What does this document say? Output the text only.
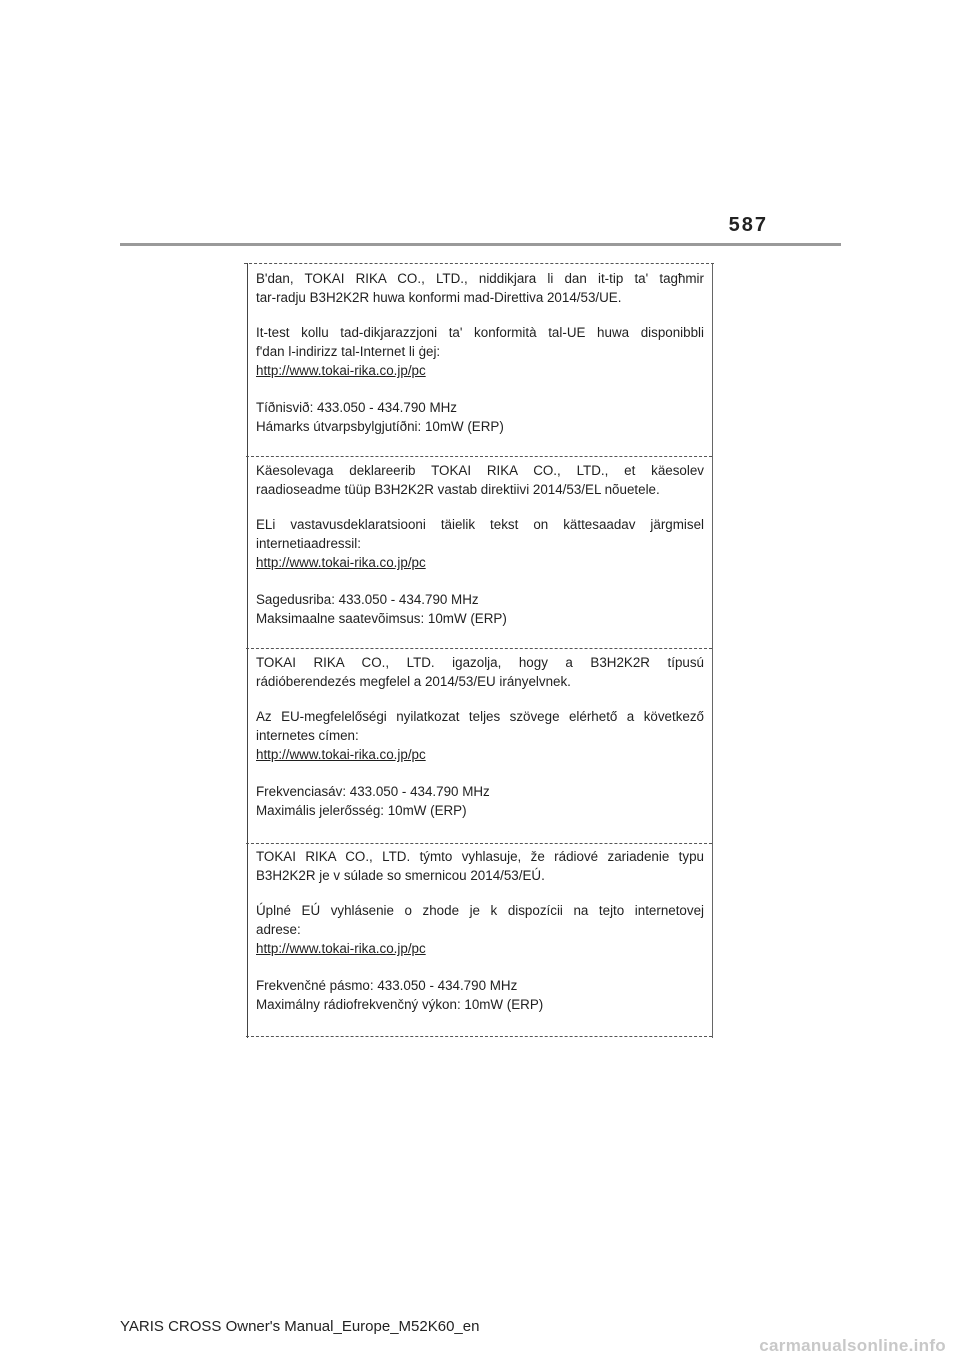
587

B'dan, TOKAI RIKA CO., LTD., niddikjara li dan it-tip ta' tagħmir

tar-radju B3H2K2R huwa konformi mad-Direttiva 2014/53/UE.

It-test kollu tad-dikjarazzjoni ta' konformità tal-UE huwa disponibbli

f'dan l-indirizz tal-Internet li ġej:

http://www.tokai-rika.co.jp/pc

Tíðnisvið: 433.050 - 434.790 MHz

Hámarks útvarpsbylgjutíðni: 10mW (ERP)

Käesolevaga deklareerib TOKAI RIKA CO., LTD., et käesolev

raadioseadme tüüp B3H2K2R vastab direktiivi 2014/53/EL nõuetele.

ELi vastavusdeklaratsiooni täielik tekst on kättesaadav järgmisel

internetiaadressil:

http://www.tokai-rika.co.jp/pc

Sagedusriba: 433.050 - 434.790 MHz

Maksimaalne saatevõimsus: 10mW (ERP)

TOKAI RIKA CO., LTD. igazolja, hogy a B3H2K2R típusú

rádióberendezés megfelel a 2014/53/EU irányelvnek.

Az EU-megfelelőségi nyilatkozat teljes szövege elérhető a következő

internetes címen:

http://www.tokai-rika.co.jp/pc

Frekvenciasáv: 433.050 - 434.790 MHz

Maximális jelerősség: 10mW (ERP)

TOKAI RIKA CO., LTD. týmto vyhlasuje, že rádiové zariadenie typu

B3H2K2R je v súlade so smernicou 2014/53/EÚ.

Úplné EÚ vyhlásenie o zhode je k dispozícii na tejto internetovej

adrese:

http://www.tokai-rika.co.jp/pc

Frekvenčné pásmo: 433.050 - 434.790 MHz

Maximálny rádiofrekvenčný výkon: 10mW (ERP)

YARIS CROSS Owner's Manual_Europe_M52K60_en
carmanualsonline.info
